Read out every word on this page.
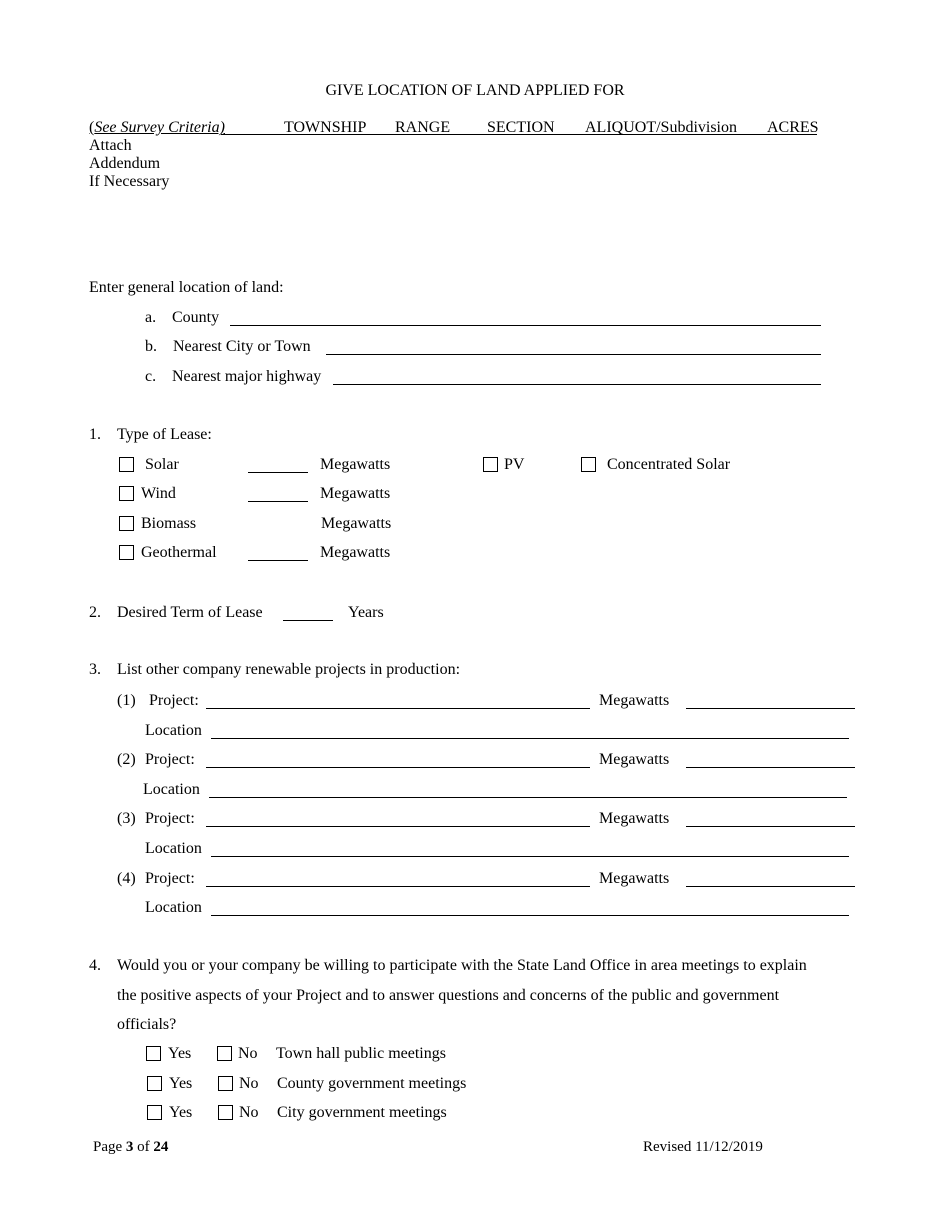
GIVE LOCATION OF LAND APPLIED FOR
(See Survey Criteria)	TOWNSHIP RANGE SECTION ALIQUOT/Subdivision ACRES
Attach
Addendum
If Necessary
Enter general location of land:
a. County
b. Nearest City or Town
c. Nearest major highway
1. Type of Lease:
Solar	Megawatts	PV	Concentrated Solar
Wind	Megawatts
Biomass	Megawatts
Geothermal	Megawatts
2. Desired Term of Lease	Years
3. List other company renewable projects in production:
(1) Project:	Megawatts
Location
(2) Project:	Megawatts
Location
(3) Project:	Megawatts
Location
(4) Project:	Megawatts
Location
4. Would you or your company be willing to participate with the State Land Office in area meetings to explain
the positive aspects of your Project and to answer questions and concerns of the public and government
officials?
Yes	No Town hall public meetings
Yes	No County government meetings
Yes	No City government meetings
Page 3 of 24	Revised 11/12/2019
